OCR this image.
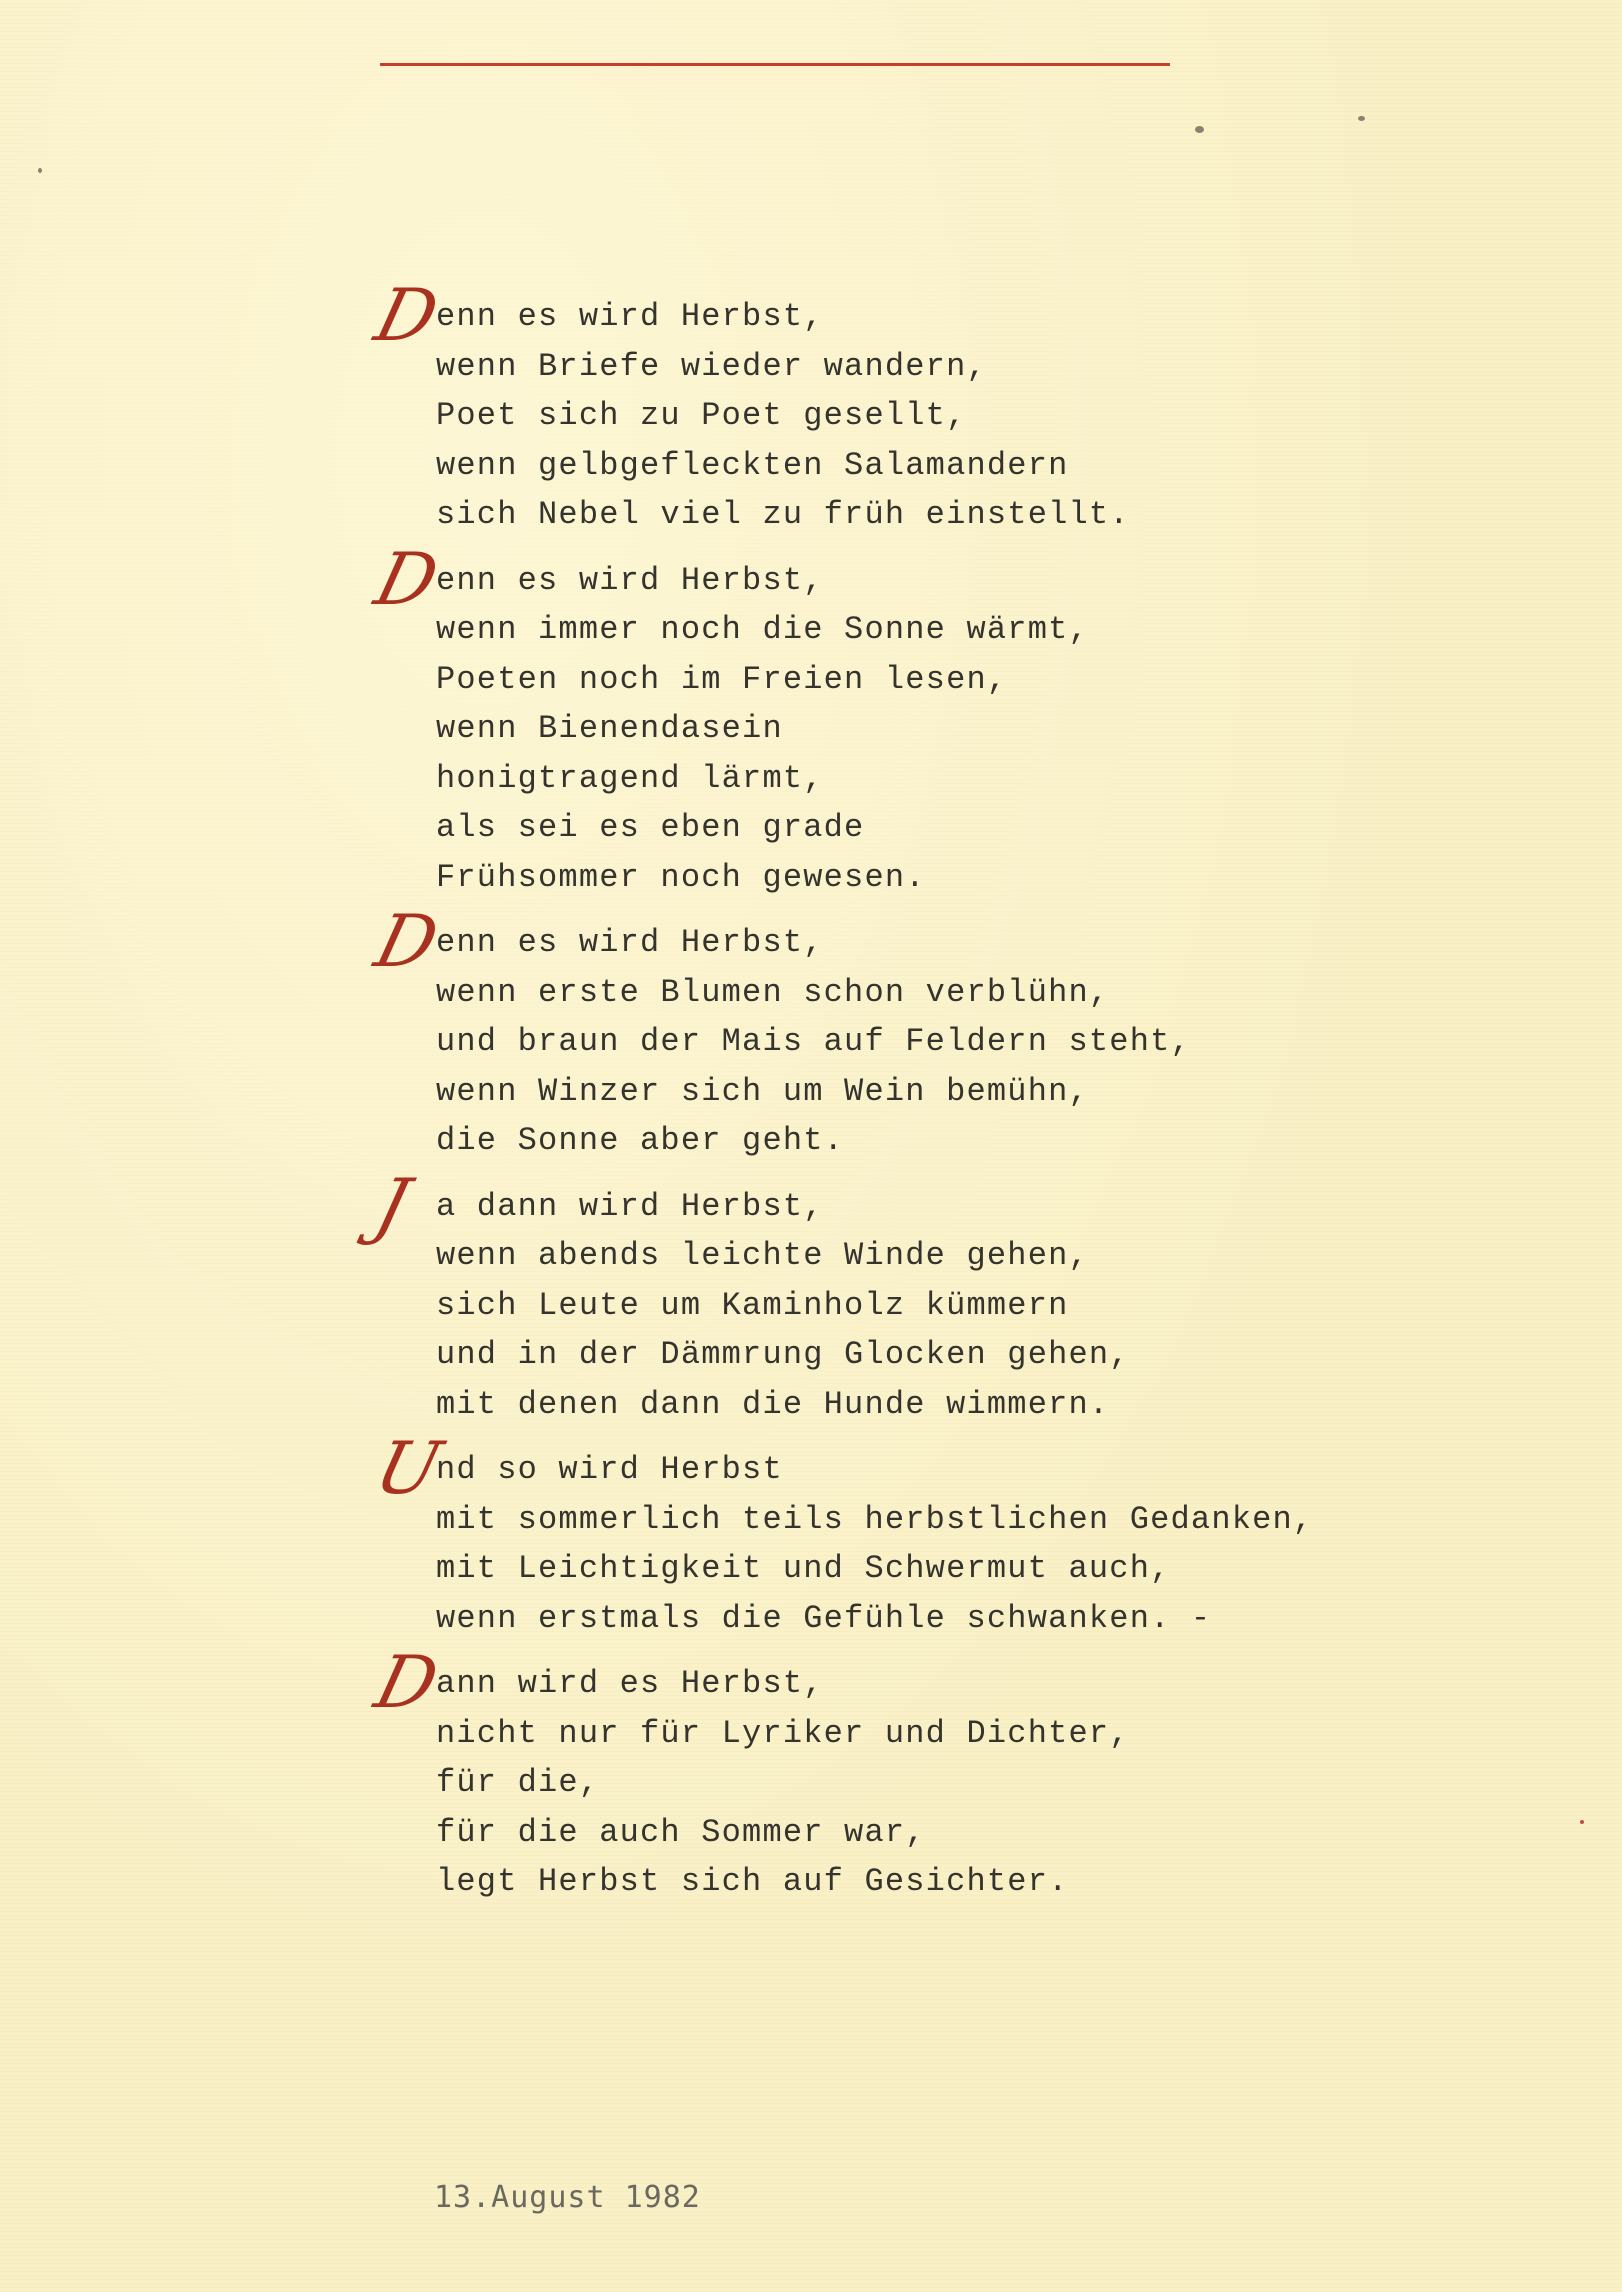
D
enn es wird Herbst,
wenn Briefe wieder wandern,
Poet sich zu Poet gesellt,
wenn gelbgefleckten Salamandern
sich Nebel viel zu früh einstellt.
D
enn es wird Herbst,
wenn immer noch die Sonne wärmt,
Poeten noch im Freien lesen,
wenn Bienendasein
honigtragend lärmt,
als sei es eben grade
Frühsommer noch gewesen.
D
enn es wird Herbst,
wenn erste Blumen schon verblühn,
und braun der Mais auf Feldern steht,
wenn Winzer sich um Wein bemühn,
die Sonne aber geht.
J a dann wird Herbst,
wenn abends leichte Winde gehen,
sich Leute um Kaminholz kümmern
und in der Dämmrung Glocken gehen,
mit denen dann die Hunde wimmern.
U
nd so wird Herbst
mit sommerlich teils herbstlichen Gedanken,
mit Leichtigkeit und Schwermut auch,
wenn erstmals die Gefühle schwanken. -
D
ann wird es Herbst,
nicht nur für Lyriker und Dichter,
für die,
für die auch Sommer war,
legt Herbst sich auf Gesichter.
13.August 1982
